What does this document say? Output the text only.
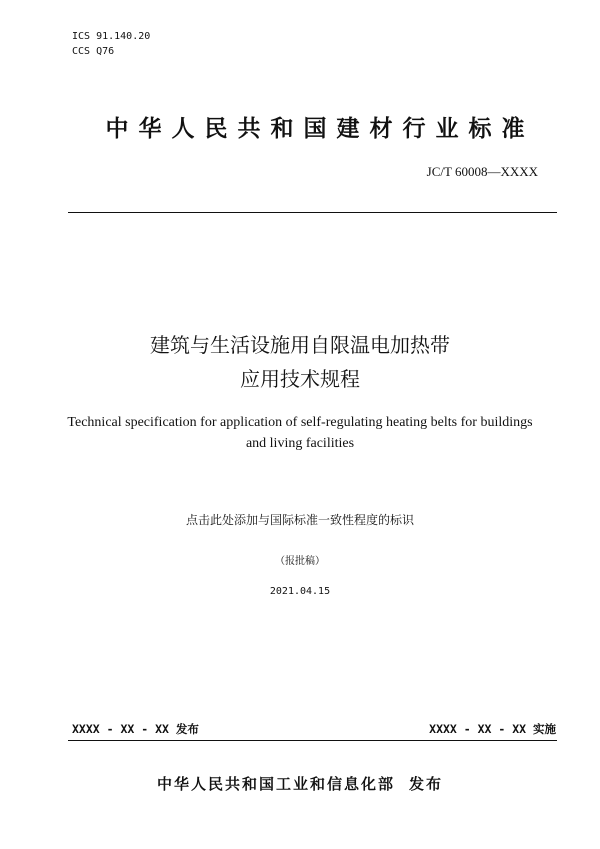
ICS 91.140.20
CCS Q76
中华人民共和国建材行业标准
JC/T 60008—XXXX
建筑与生活设施用自限温电加热带
应用技术规程
Technical specification for application of self-regulating heating belts for buildings
and living facilities
点击此处添加与国际标准一致性程度的标识
（报批稿）
2021.04.15
XXXX - XX - XX 发布	XXXX - XX - XX 实施
中华人民共和国工业和信息化部 发布
